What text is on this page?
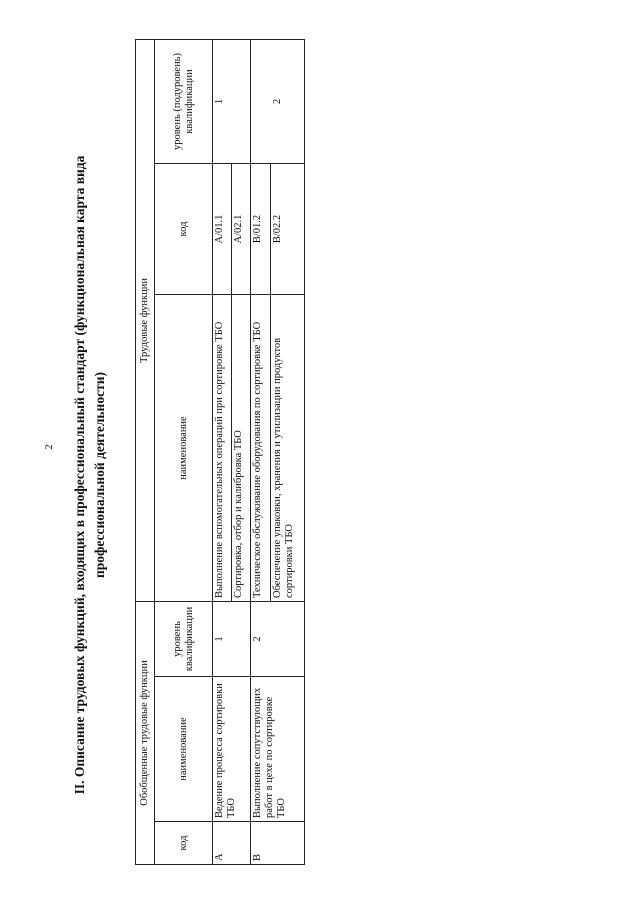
2 II. Описание трудовых функций, входящих в профессиональный стандарт (функциональная карта вида профессиональной деятельности)
Обобщенные трудовые функции			Трудовые функции		
код	наименование	уровень квалификации	наименование	код	уровень (подуровень) квалификации
A	Ведение процесса сортировки ТБО	1	Выполнение вспомогательных операций при сортировке ТБО	A/01.1	1
			Сортировка, отбор и калибровка ТБО	A/02.1	
B	Выполнение сопутствующих работ в цехе по сортировке ТБО	2	Техническое обслуживание оборудования по сортировке ТБО	B/01.2	2
			Обеспечение упаковки, хранения и утилизации продуктов сортировки ТБО	B/02.2	
